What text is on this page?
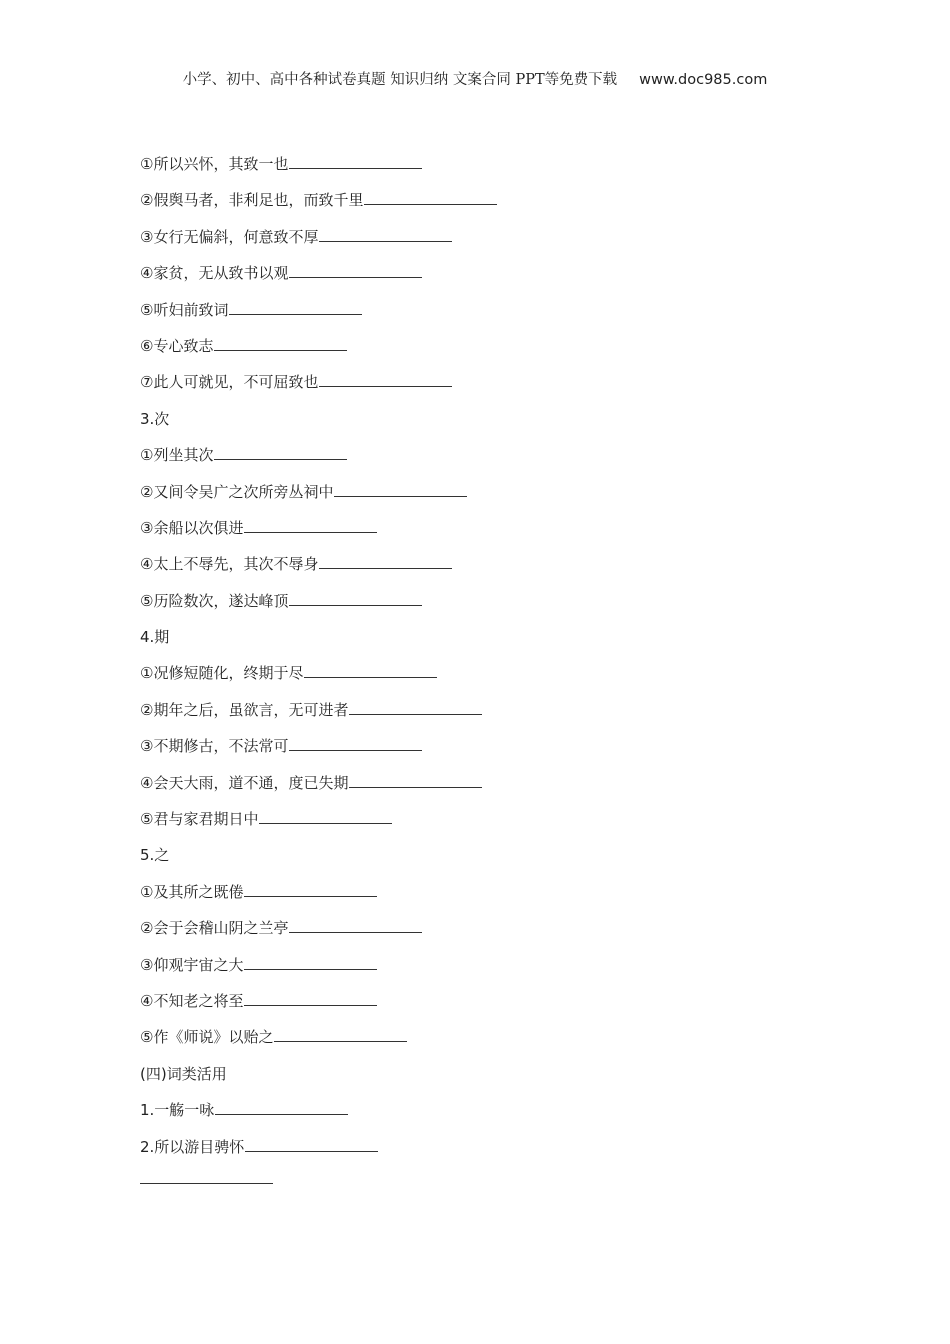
小学、初中、高中各种试卷真题 知识归纳 文案合同 PPT等免费下载 www.doc985.com
①所以兴怀，其致一也
②假舆马者，非利足也，而致千里
③女行无偏斜，何意致不厚
④家贫，无从致书以观
⑤听妇前致词
⑥专心致志
⑦此人可就见，不可屈致也
3.次
①列坐其次
②又间令吴广之次所旁丛祠中
③余船以次俱进
④太上不辱先，其次不辱身
⑤历险数次，遂达峰顶
4.期
①况修短随化，终期于尽
②期年之后，虽欲言，无可进者
③不期修古，不法常可
④会天大雨，道不通，度已失期
⑤君与家君期日中
5.之
①及其所之既倦
②会于会稽山阴之兰亭
③仰观宇宙之大
④不知老之将至
⑤作《师说》以贻之
(四)词类活用
1.一觞一咏
2.所以游目骋怀
